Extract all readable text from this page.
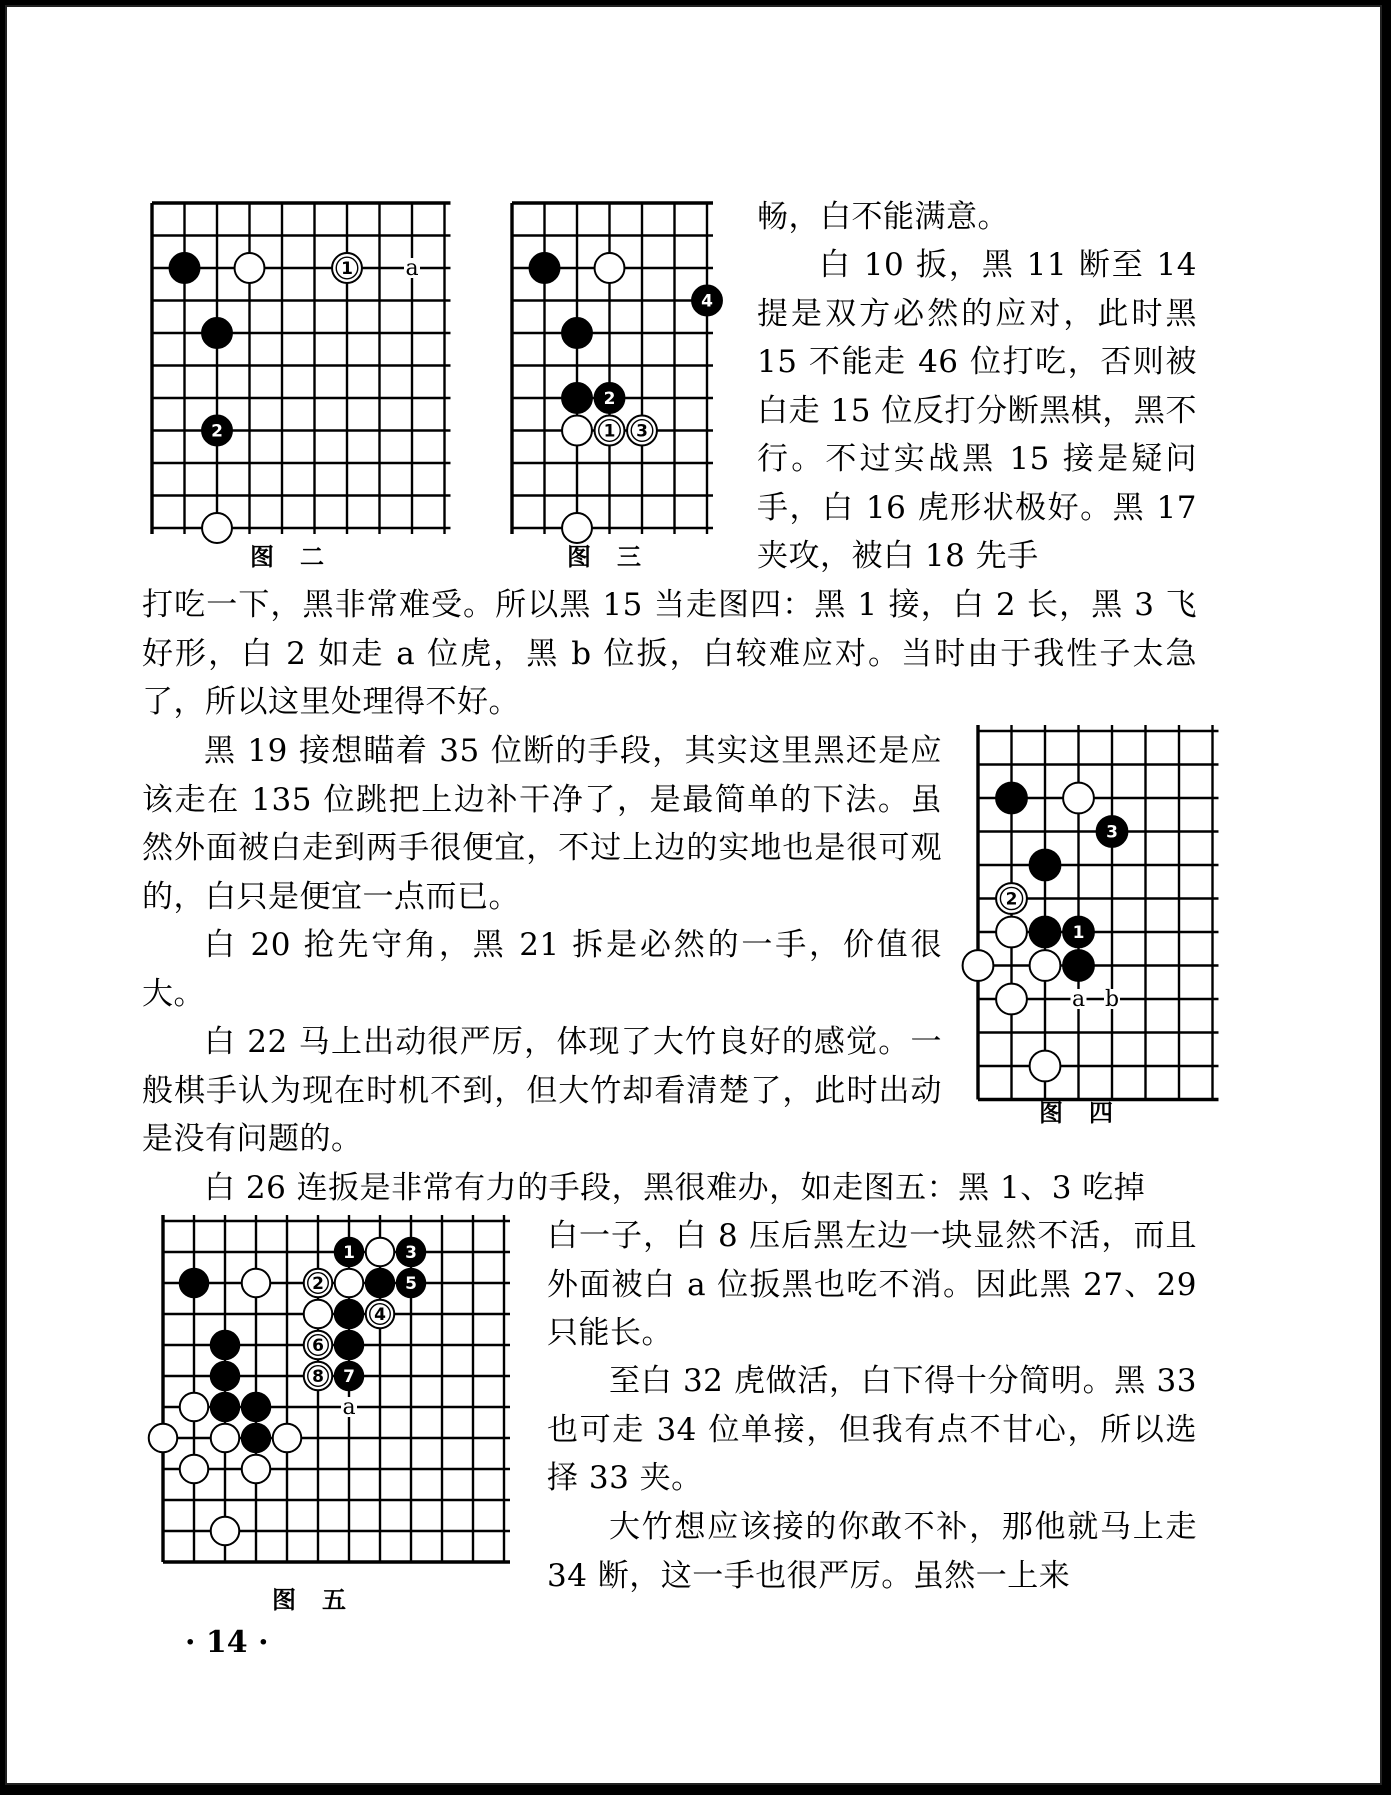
a
1
2
图二
4
2
1 3
图三
a b
3
2
1
图四
a
1	3
2	5
4
6
8 7
图五

畅，白不能满意。

白 10 扳，黑 11 断至 14 提是双方必然的应对，此时黑 15 不能走 46 位打吃，否则被白走 15 位反打分断黑棋，黑不行。不过实战黑 15 接是疑问手，白 16 虎形状极好。黑 17 夹攻，被白 18 先手

打吃一下，黑非常难受。所以黑 15 当走图四：黑 1 接，白 2 长，黑 3 飞好形，白 2 如走 a 位虎，黑 b 位扳，白较难应对。当时由于我性子太急了，所以这里处理得不好。

黑 19 接想瞄着 35 位断的手段，其实这里黑还是应该走在 135 位跳把上边补干净了，是最简单的下法。虽然外面被白走到两手很便宜，不过上边的实地也是很可观的，白只是便宜一点而已。

白 20 抢先守角，黑 21 拆是必然的一手，价值很大。

白 22 马上出动很严厉，体现了大竹良好的感觉。一般棋手认为现在时机不到，但大竹却看清楚了，此时出动是没有问题的。

白 26 连扳是非常有力的手段，黑很难办，如走图五：黑 1、3 吃掉

白一子，白 8 压后黑左边一块显然不活，而且外面被白 a 位扳黑也吃不消。因此黑 27、29 只能长。

至白 32 虎做活，白下得十分简明。黑 33 也可走 34 位单接，但我有点不甘心，所以选择 33 夹。

大竹想应该接的你敢不补，那他就马上走 34 断，这一手也很严厉。虽然一上来

· 14 ·
